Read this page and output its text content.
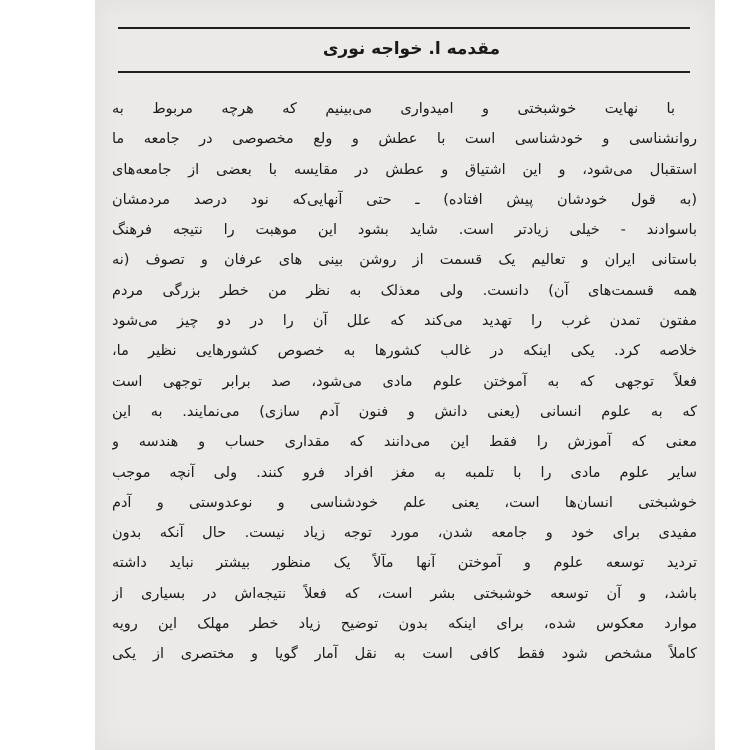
مقدمه ا. خواجه نوری
با نهایت خوشبختی و امیدواری می‌بینیم که هرچه مربوط به
روانشناسی و خودشناسی است با عطش و ولع مخصوصی در جامعه ما
استقبال می‌شود، و این اشتیاق و عطش در مقایسه با بعضی از جامعه‌های
(به قول خودشان پیش افتاده) ـ حتی آنهایی‌که نود درصد مردمشان
باسوادند - خیلی زیادتر است. شاید بشود این موهبت را نتیجه فرهنگ
باستانی ایران و تعالیم یک قسمت از روشن بینی های عرفان و تصوف (نه
همه قسمت‌های آن) دانست. ولی معذلک به نظر من خطر بزرگی مردم
مفتون تمدن غرب را تهدید می‌کند که علل آن را در دو چیز می‌شود
خلاصه کرد. یکی اینکه در غالب کشورها به خصوص کشورهایی نظیر ما،
فعلاً توجهی که به آموختن علوم مادی می‌شود، صد برابر توجهی است
که به علوم انسانی (یعنی دانش و فنون آدم سازی) می‌نمایند. به این
معنی که آموزش را فقط این می‌دانند که مقداری حساب و هندسه و
سایر علوم مادی را با تلمبه به مغز افراد فرو کنند. ولی آنچه موجب
خوشبختی انسان‌ها است، یعنی علم خودشناسی و نوعدوستی و آدم
مفیدی برای خود و جامعه شدن، مورد توجه زیاد نیست. حال آنکه بدون
تردید توسعه علوم و آموختن آنها مآلاً یک منظور بیشتر نباید داشته
باشد، و آن توسعه خوشبختی بشر است، که فعلاً نتیجه‌اش در بسیاری از
موارد معکوس شده، برای اینکه بدون توضیح زیاد خطر مهلک این رویه
کاملاً مشخص شود فقط کافی است به نقل آمار گویا و مختصری از یکی
